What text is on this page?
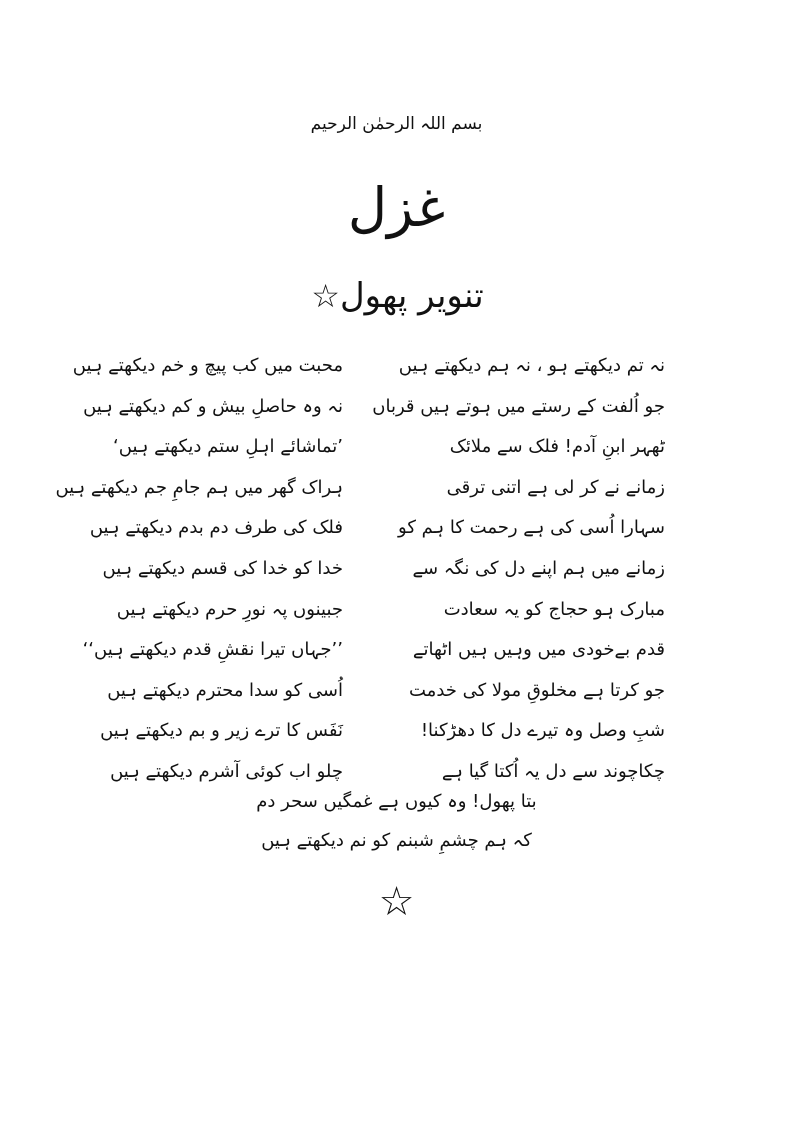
بسم اللہ الرحمٰن الرحیم
غزل
تنویر پھول☆
نہ تم دیکھتے ہو ، نہ ہم دیکھتے ہیں
محبت میں کب پیچ و خم دیکھتے ہیں
جو اُلفت کے رستے میں ہوتے ہیں قرباں
نہ وہ حاصلِ بیش و کم دیکھتے ہیں
ٹھہر ابنِ آدم! فلک سے ملائک
’تماشائے اہلِ ستم دیکھتے ہیں‘
زمانے نے کر لی ہے اتنی ترقی
ہراک گھر میں ہم جامِ جم دیکھتے ہیں
سہارا اُسی کی ہے رحمت کا ہم کو
فلک کی طرف دم بدم دیکھتے ہیں
زمانے میں ہم اپنے دل کی نگہ سے
خدا کو خدا کی قسم دیکھتے ہیں
مبارک ہو حجاج کو یہ سعادت
جبینوں پہ نورِ حرم دیکھتے ہیں
قدم بےخودی میں وہیں ہیں اٹھاتے
’’جہاں تیرا نقشِ قدم دیکھتے ہیں‘‘
جو کرتا ہے مخلوقِ مولا کی خدمت
اُسی کو سدا محترم دیکھتے ہیں
شبِ وصل وہ تیرے دل کا دھڑکنا!
نَفَس کا ترے زیر و بم دیکھتے ہیں
چکاچوند سے دل یہ اُکتا گیا ہے
چلو اب کوئی آشرم دیکھتے ہیں
بتا پھول! وہ کیوں ہے غمگیں سحر دم
کہ ہم چشمِ شبنم کو نم دیکھتے ہیں
☆
